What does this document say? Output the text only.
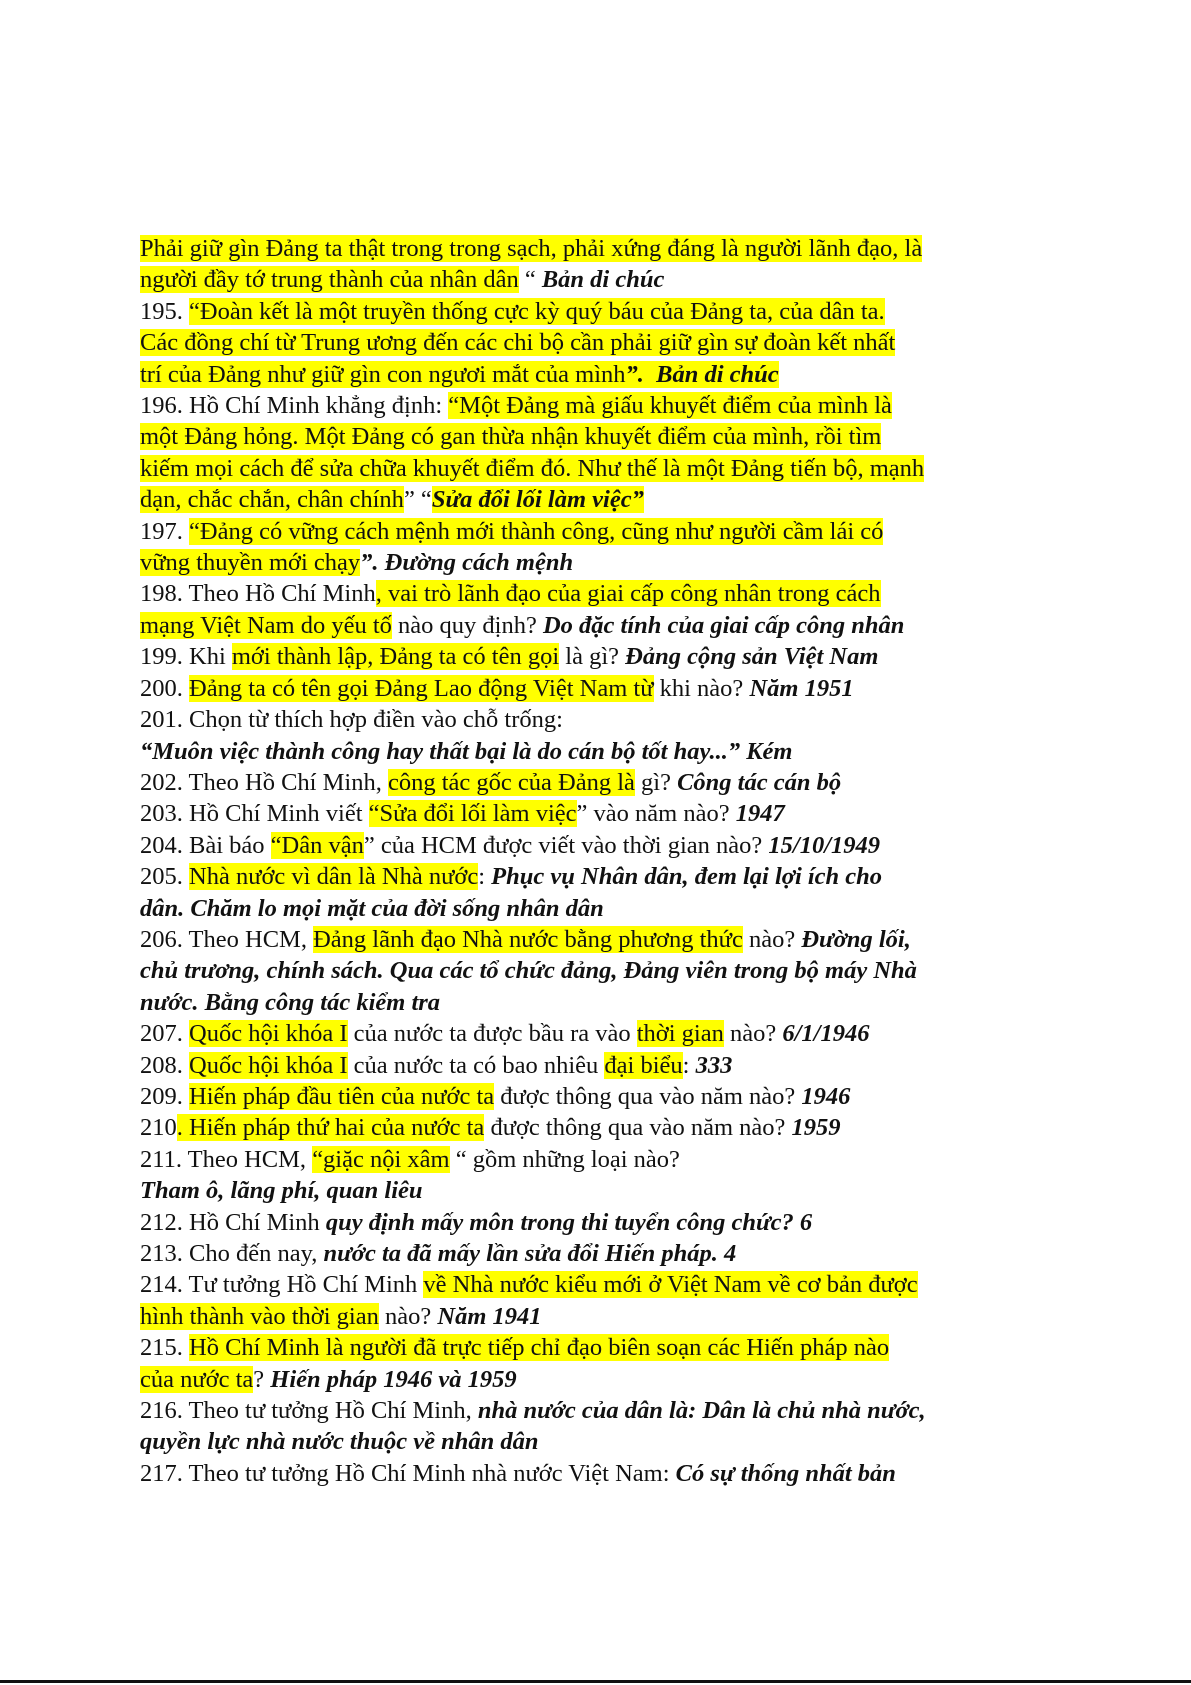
Phải giữ gìn Đảng ta thật trong trong sạch, phải xứng đáng là người lãnh đạo, là
người đầy tớ trung thành của nhân dân “ Bản di chúc
195. “Đoàn kết là một truyền thống cực kỳ quý báu của Đảng ta, của dân ta.
Các đồng chí từ Trung ương đến các chi bộ cần phải giữ gìn sự đoàn kết nhất
trí của Đảng như giữ gìn con ngươi mắt của mình”.  Bản di chúc
196. Hồ Chí Minh khẳng định: “Một Đảng mà giấu khuyết điểm của mình là
một Đảng hỏng. Một Đảng có gan thừa nhận khuyết điểm của mình, rồi tìm
kiếm mọi cách để sửa chữa khuyết điểm đó. Như thế là một Đảng tiến bộ, mạnh
dạn, chắc chắn, chân chính” “Sửa đổi lối làm việc”
197. “Đảng có vững cách mệnh mới thành công, cũng như người cầm lái có
vững thuyền mới chạy”. Đường cách mệnh
198. Theo Hồ Chí Minh, vai trò lãnh đạo của giai cấp công nhân trong cách
mạng Việt Nam do yếu tố nào quy định? Do đặc tính của giai cấp công nhân
199. Khi mới thành lập, Đảng ta có tên gọi là gì? Đảng cộng sản Việt Nam
200. Đảng ta có tên gọi Đảng Lao động Việt Nam từ khi nào? Năm 1951
201. Chọn từ thích hợp điền vào chỗ trống:
“Muôn việc thành công hay thất bại là do cán bộ tốt hay...” Kém
202. Theo Hồ Chí Minh, công tác gốc của Đảng là gì? Công tác cán bộ
203. Hồ Chí Minh viết “Sửa đổi lối làm việc” vào năm nào? 1947
204. Bài báo “Dân vận” của HCM được viết vào thời gian nào? 15/10/1949
205. Nhà nước vì dân là Nhà nước: Phục vụ Nhân dân, đem lại lợi ích cho
dân. Chăm lo mọi mặt của đời sống nhân dân
206. Theo HCM, Đảng lãnh đạo Nhà nước bằng phương thức nào? Đường lối,
chủ trương, chính sách. Qua các tổ chức đảng, Đảng viên trong bộ máy Nhà
nước. Bằng công tác kiểm tra
207. Quốc hội khóa I của nước ta được bầu ra vào thời gian nào? 6/1/1946
208. Quốc hội khóa I của nước ta có bao nhiêu đại biểu: 333
209. Hiến pháp đầu tiên của nước ta được thông qua vào năm nào? 1946
210. Hiến pháp thứ hai của nước ta được thông qua vào năm nào? 1959
211. Theo HCM, “giặc nội xâm “ gồm những loại nào?
Tham ô, lãng phí, quan liêu
212. Hồ Chí Minh quy định mấy môn trong thi tuyển công chức? 6
213. Cho đến nay, nước ta đã mấy lần sửa đổi Hiến pháp. 4
214. Tư tưởng Hồ Chí Minh về Nhà nước kiểu mới ở Việt Nam về cơ bản được
hình thành vào thời gian nào? Năm 1941
215. Hồ Chí Minh là người đã trực tiếp chỉ đạo biên soạn các Hiến pháp nào
của nước ta? Hiến pháp 1946 và 1959
216. Theo tư tưởng Hồ Chí Minh, nhà nước của dân là: Dân là chủ nhà nước,
quyền lực nhà nước thuộc về nhân dân
217. Theo tư tưởng Hồ Chí Minh nhà nước Việt Nam: Có sự thống nhất bản
